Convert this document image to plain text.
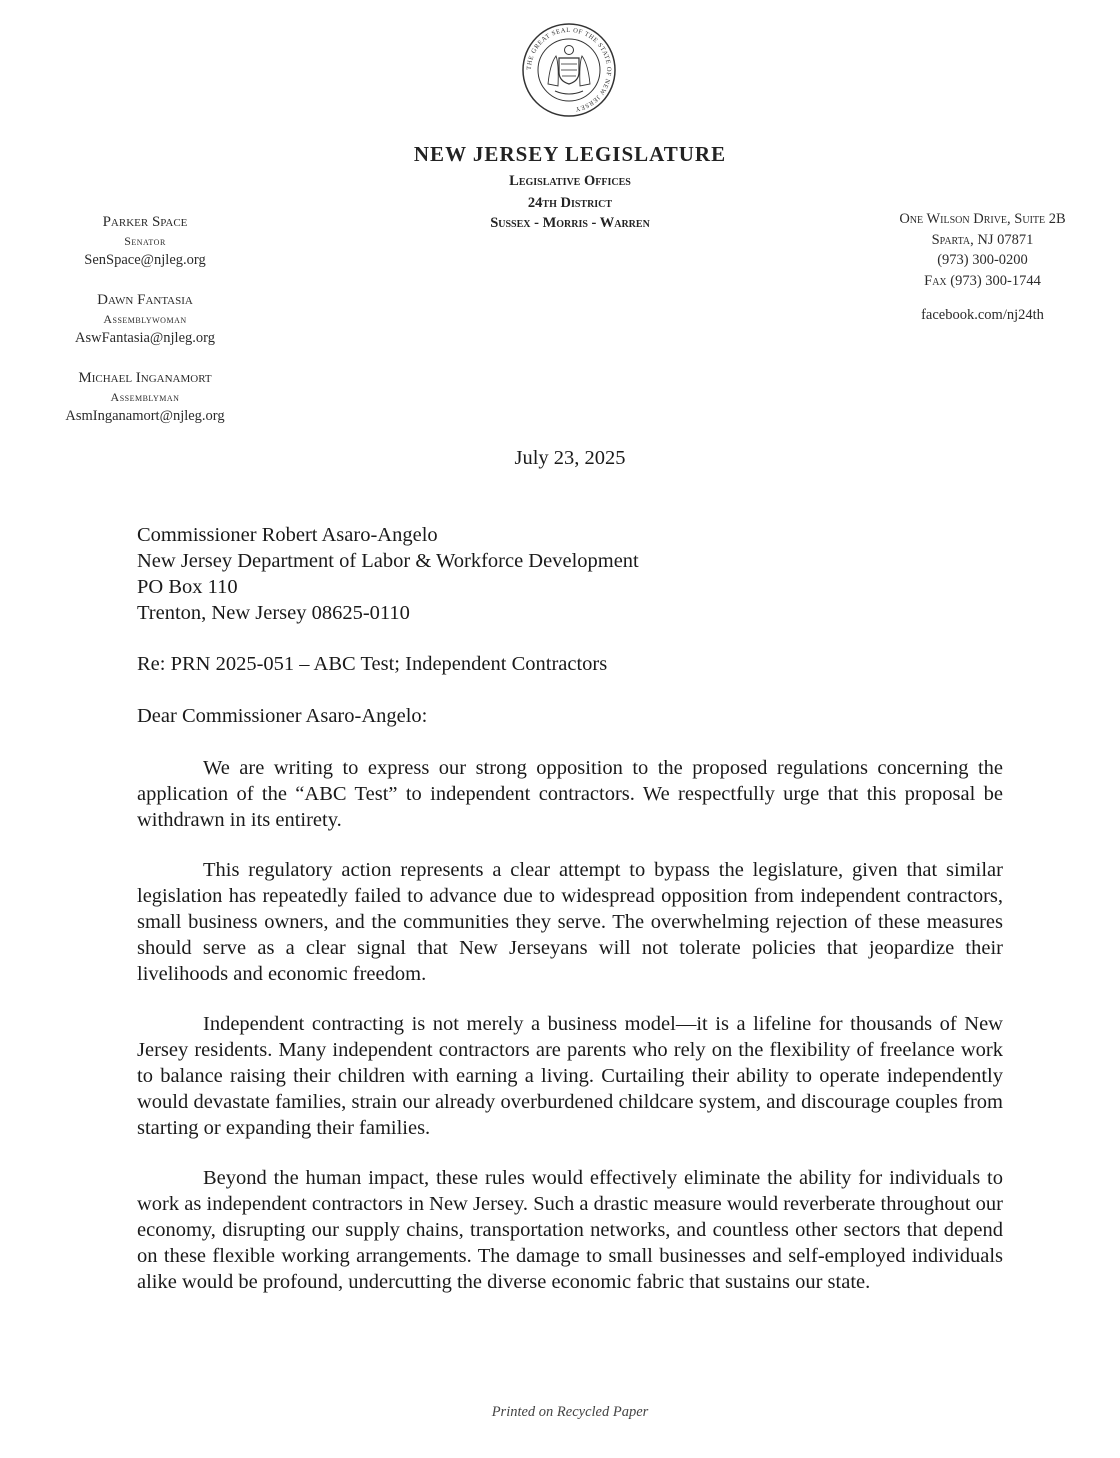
THE GREAT SEAL OF THE STATE OF NEW JERSEY
NEW JERSEY LEGISLATURE
Legislative Offices
24th District
Sussex - Morris - Warren
Parker Space
Senator
SenSpace@njleg.org
Dawn Fantasia
Assemblywoman
AswFantasia@njleg.org
Michael Inganamort
Assemblyman
AsmInganamort@njleg.org
One Wilson Drive, Suite 2B
Sparta, NJ 07871
(973) 300-0200
Fax (973) 300-1744
facebook.com/nj24th
July 23, 2025
Commissioner Robert Asaro-Angelo
New Jersey Department of Labor & Workforce Development
PO Box 110
Trenton, New Jersey 08625-0110
Re: PRN 2025-051 – ABC Test; Independent Contractors
Dear Commissioner Asaro-Angelo:
We are writing to express our strong opposition to the proposed regulations concerning the application of the “ABC Test” to independent contractors. We respectfully urge that this proposal be withdrawn in its entirety.
This regulatory action represents a clear attempt to bypass the legislature, given that similar legislation has repeatedly failed to advance due to widespread opposition from independent contractors, small business owners, and the communities they serve. The overwhelming rejection of these measures should serve as a clear signal that New Jerseyans will not tolerate policies that jeopardize their livelihoods and economic freedom.
Independent contracting is not merely a business model—it is a lifeline for thousands of New Jersey residents. Many independent contractors are parents who rely on the flexibility of freelance work to balance raising their children with earning a living. Curtailing their ability to operate independently would devastate families, strain our already overburdened childcare system, and discourage couples from starting or expanding their families.
Beyond the human impact, these rules would effectively eliminate the ability for individuals to work as independent contractors in New Jersey. Such a drastic measure would reverberate throughout our economy, disrupting our supply chains, transportation networks, and countless other sectors that depend on these flexible working arrangements. The damage to small businesses and self-employed individuals alike would be profound, undercutting the diverse economic fabric that sustains our state.
Printed on Recycled Paper
